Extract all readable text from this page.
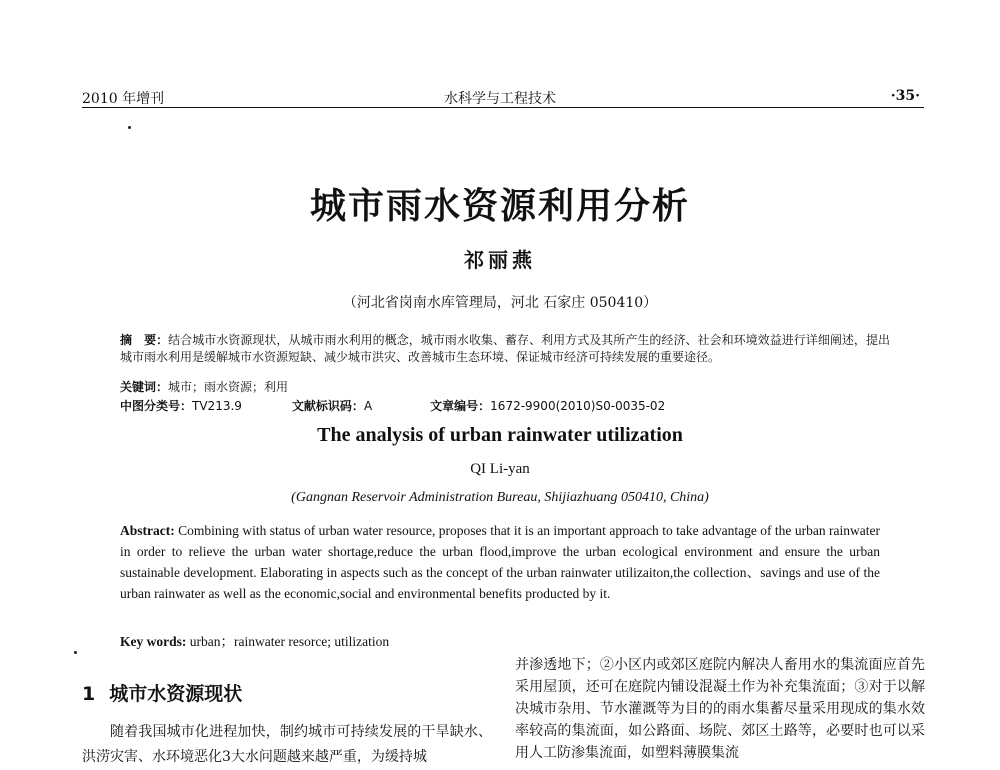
2010 年增刊	水科学与工程技术	·35·
城市雨水资源利用分析
祁丽燕
（河北省岗南水库管理局，河北 石家庄 050410）
摘　要：结合城市水资源现状，从城市雨水利用的概念，城市雨水收集、蓄存、利用方式及其所产生的经济、社会和环境效益进行详细阐述，提出城市雨水利用是缓解城市水资源短缺、减少城市洪灾、改善城市生态环境、保证城市经济可持续发展的重要途径。
关键词：城市；雨水资源；利用
中图分类号：TV213.9	文献标识码：A	文章编号：1672-9900(2010)S0-0035-02
The analysis of urban rainwater utilization
QI Li-yan
(Gangnan Reservoir Administration Bureau, Shijiazhuang 050410, China)
Abstract: Combining with status of urban water resource, proposes that it is an important approach to take advantage of the urban rainwater in order to relieve the urban water shortage,reduce the urban flood,improve the urban ecological environment and ensure the urban sustainable development. Elaborating in aspects such as the concept of the urban rainwater utilizaiton,the collection、savings and use of the urban rainwater as well as the economic,social and environmental benefits producted by it.
Key words: urban；rainwater resorce; utilization
1 城市水资源现状
随着我国城市化进程加快，制约城市可持续发展的干旱缺水、洪涝灾害、水环境恶化3大水问题越来越严重，为缓持城
并渗透地下；②小区内或郊区庭院内解决人畜用水的集流面应首先采用屋顶，还可在庭院内铺设混凝土作为补充集流面；③对于以解决城市杂用、节水灌溉等为目的的雨水集蓄尽量采用现成的集水效率较高的集流面，如公路面、场院、郊区土路等，必要时也可以采用人工防渗集流面，如塑料薄膜集流
